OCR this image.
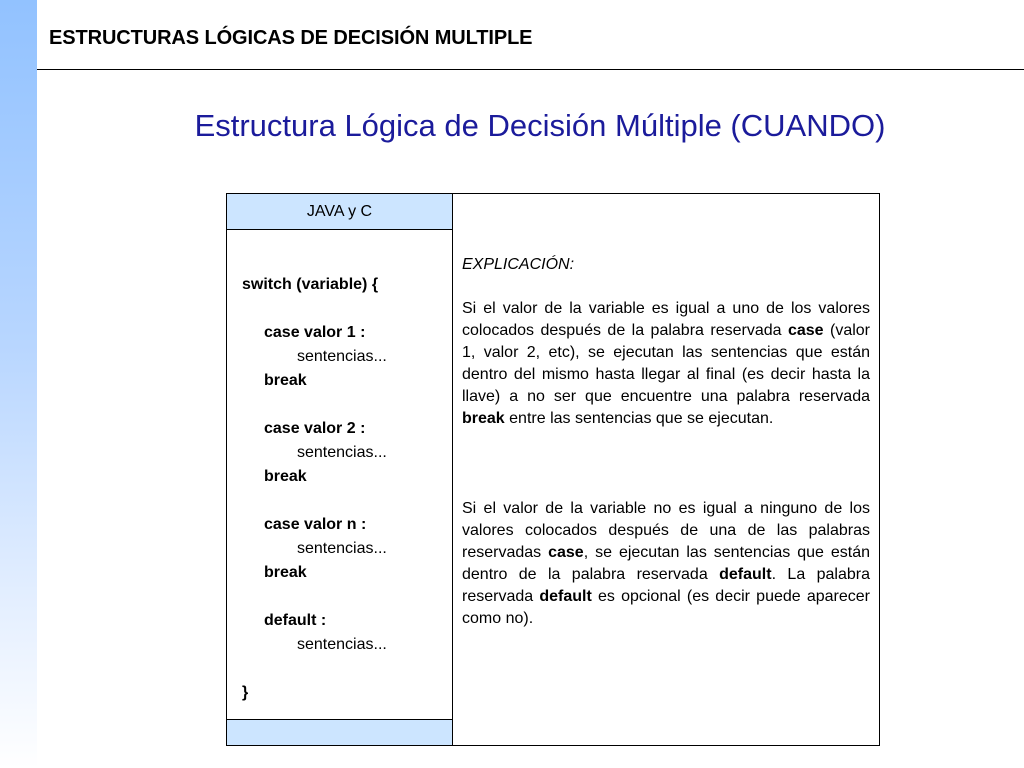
ESTRUCTURAS LÓGICAS DE DECISIÓN MULTIPLE
Estructura Lógica de Decisión Múltiple (CUANDO)
JAVA y C
switch (variable) {
case valor 1 :
sentencias...
break
case valor 2 :
sentencias...
break
case valor n :
sentencias...
break
default :
sentencias...
}
EXPLICACIÓN:
Si el valor de la variable es igual a uno de los valores colocados después de la palabra reservada case (valor 1, valor 2, etc), se ejecutan las sentencias que están dentro del mismo hasta llegar al final (es decir hasta la llave) a no ser que encuentre una palabra reservada break entre las sentencias que se ejecutan.
Si el valor de la variable no es igual a ninguno de los valores colocados después de una de las palabras reservadas case, se ejecutan las sentencias que están dentro de la palabra reservada default. La palabra reservada default es opcional (es decir puede aparecer como no).
